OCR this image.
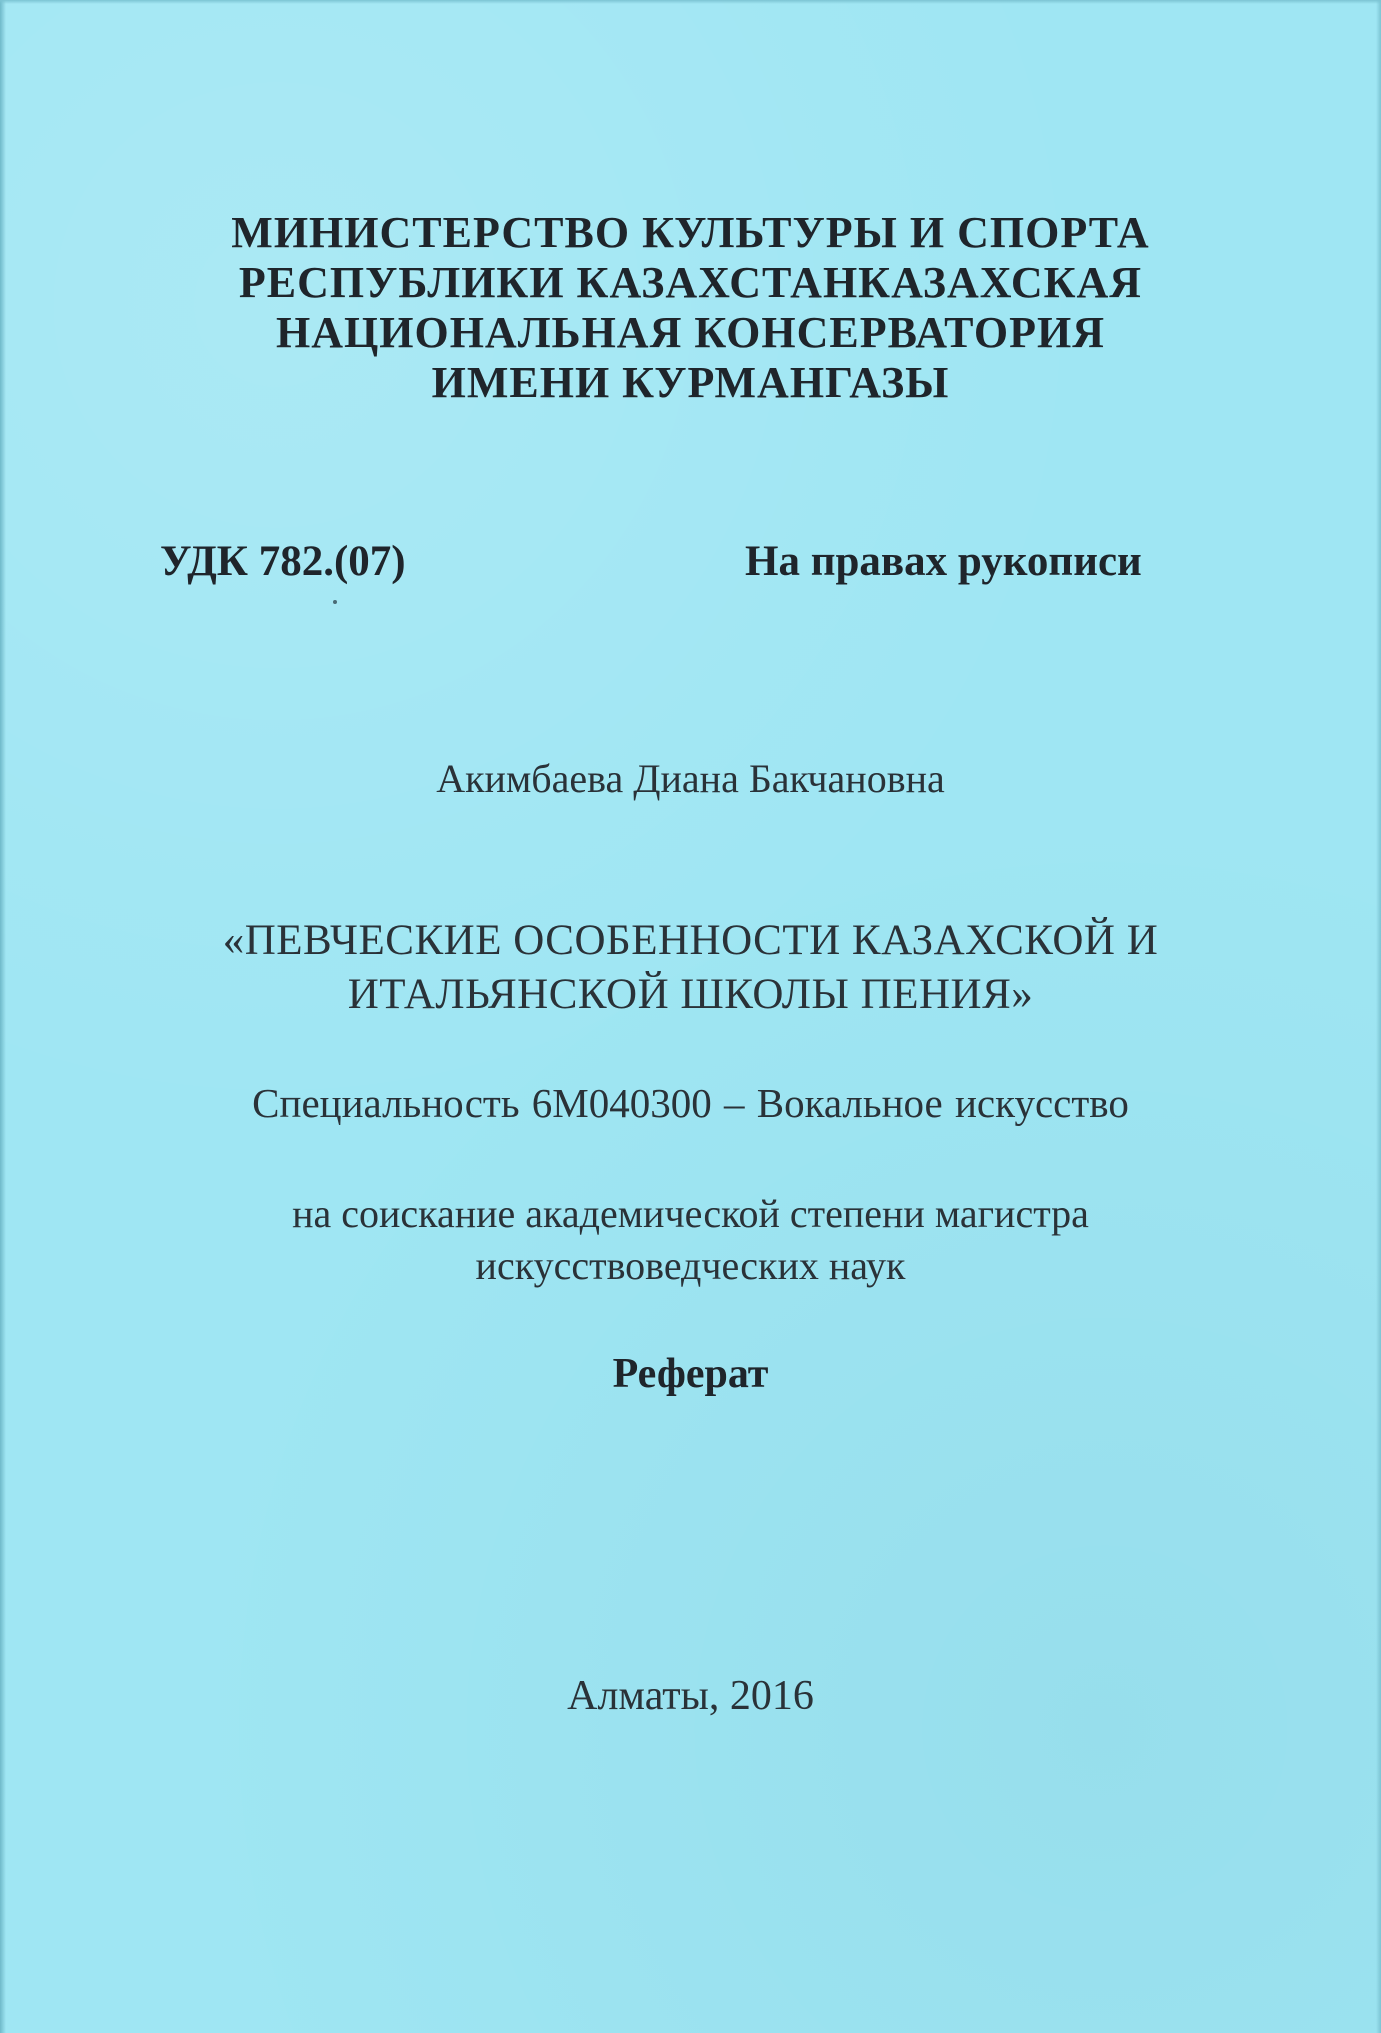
МИНИСТЕРСТВО КУЛЬТУРЫ И СПОРТА
РЕСПУБЛИКИ КАЗАХСТАНКАЗАХСКАЯ
НАЦИОНАЛЬНАЯ КОНСЕРВАТОРИЯ
ИМЕНИ КУРМАНГАЗЫ
УДК 782.(07)	На правах рукописи
Акимбаева Диана Бакчановна
«ПЕВЧЕСКИЕ ОСОБЕННОСТИ КАЗАХСКОЙ И
ИТАЛЬЯНСКОЙ ШКОЛЫ ПЕНИЯ»
Специальность 6М040300 – Вокальное искусство
на соискание академической степени магистра
искусствоведческих наук
Реферат
Алматы, 2016
